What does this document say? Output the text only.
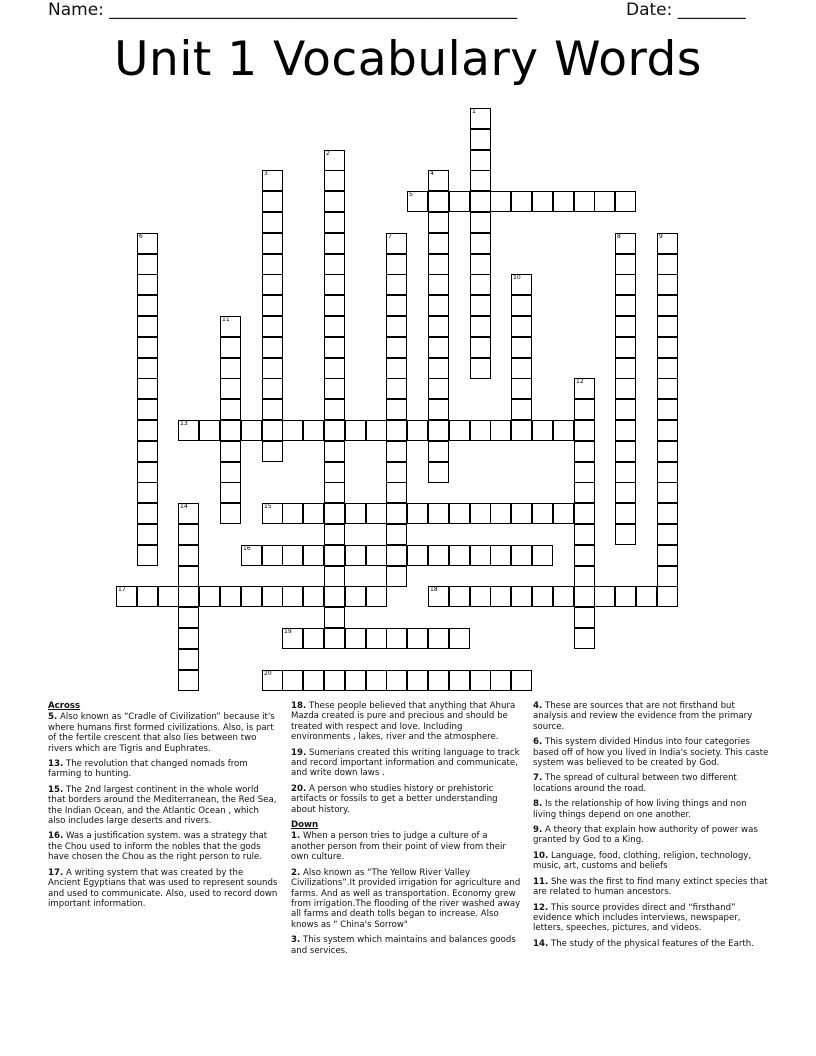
Name: ________________________________________________	Date: ________
Unit 1 Vocabulary Words
1
2
3	4
5
6	7	8	9
10
11
12
13
14	15
16
17	18
19
20
Across
5. Also known as “Cradle of Civilization” because it's where humans first formed civilizations. Also, is part of the fertile crescent that also lies between two rivers which are Tigris and Euphrates.
13. The revolution that changed nomads from farming to hunting.
15. The 2nd largest continent in the whole world that borders around the Mediterranean, the Red Sea, the Indian Ocean, and the Atlantic Ocean , which also includes large deserts and rivers.
16. Was a justification system. was a strategy that the Chou used to inform the nobles that the gods have chosen the Chou as the right person to rule.
17. A writing system that was created by the Ancient Egyptians that was used to represent sounds and used to communicate. Also, used to record down important information.
18. These people believed that anything that Ahura Mazda created is pure and precious and should be treated with respect and love. Including environments , lakes, river and the atmosphere.
19. Sumerians created this writing language to track and record important information and communicate, and write down laws .
20. A person who studies history or prehistoric artifacts or fossils to get a better understanding about history.
Down
1. When a person tries to judge a culture of a another person from their point of view from their own culture.
2. Also known as “The Yellow River Valley Civilizations”.It provided irrigation for agriculture and farms. And as well as transportation. Economy grew from irrigation.The flooding of the river washed away all farms and death tolls began to increase. Also knows as " China's Sorrow"
3. This system which maintains and balances goods and services.
4. These are sources that are not firsthand but analysis and review the evidence from the primary source.
6. This system divided Hindus into four categories based off of how you lived in India's society. This caste system was believed to be created by God.
7. The spread of cultural between two different locations around the road.
8. Is the relationship of how living things and non living things depend on one another.
9. A theory that explain how authority of power was granted by God to a King.
10. Language, food, clothing, religion, technology, music, art, customs and beliefs
11. She was the first to find many extinct species that are related to human ancestors.
12. This source provides direct and “firsthand” evidence which includes interviews, newspaper, letters, speeches, pictures, and videos.
14. The study of the physical features of the Earth.
